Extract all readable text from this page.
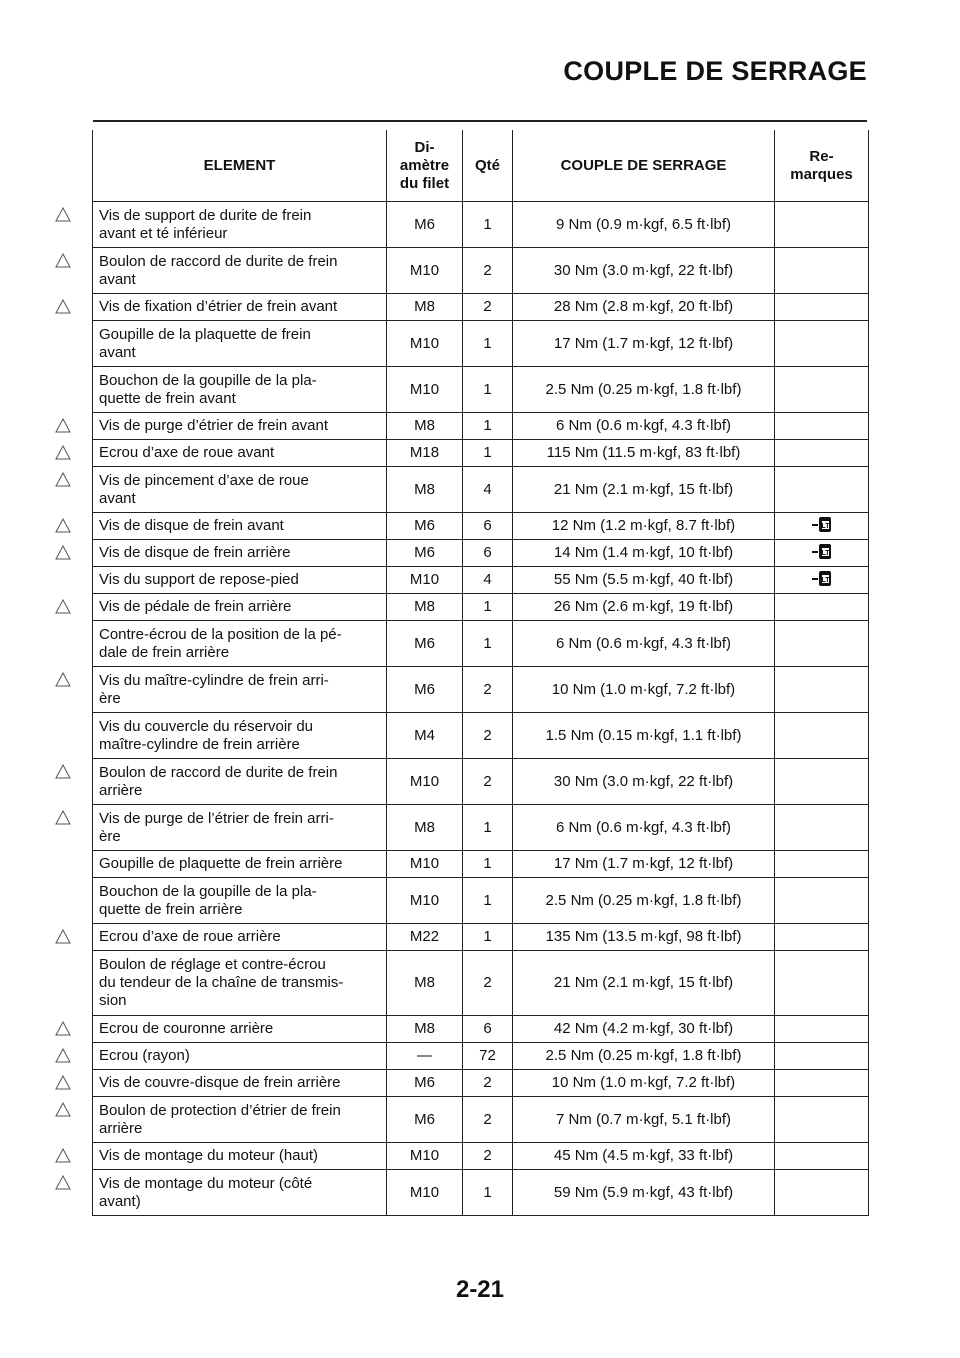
COUPLE DE SERRAGE
ELEMENT	Di-
amètre
du filet	Qté	COUPLE DE SERRAGE	Re-
marques
Vis de support de durite de frein
avant et té inférieur	M6	1	9 Nm (0.9 m·kgf, 6.5 ft·lbf)	
Boulon de raccord de durite de frein
avant	M10	2	30 Nm (3.0 m·kgf, 22 ft·lbf)	
Vis de fixation d’étrier de frein avant	M8	2	28 Nm (2.8 m·kgf, 20 ft·lbf)	
Goupille de la plaquette de frein
avant	M10	1	17 Nm (1.7 m·kgf, 12 ft·lbf)	
Bouchon de la goupille de la pla-
quette de frein avant	M10	1	2.5 Nm (0.25 m·kgf, 1.8 ft·lbf)	
Vis de purge d’étrier de frein avant	M8	1	6 Nm (0.6 m·kgf, 4.3 ft·lbf)	
Ecrou d’axe de roue avant	M18	1	115 Nm (11.5 m·kgf, 83 ft·lbf)	
Vis de pincement d’axe de roue
avant	M8	4	21 Nm (2.1 m·kgf, 15 ft·lbf)	
Vis de disque de frein avant	M6	6	12 Nm (1.2 m·kgf, 8.7 ft·lbf)	LT

Vis de disque de frein arrière	M6	6	14 Nm (1.4 m·kgf, 10 ft·lbf)	LT

Vis du support de repose-pied	M10	4	55 Nm (5.5 m·kgf, 40 ft·lbf)	LT

Vis de pédale de frein arrière	M8	1	26 Nm (2.6 m·kgf, 19 ft·lbf)	
Contre-écrou de la position de la pé-
dale de frein arrière	M6	1	6 Nm (0.6 m·kgf, 4.3 ft·lbf)	
Vis du maître-cylindre de frein arri-
ère	M6	2	10 Nm (1.0 m·kgf, 7.2 ft·lbf)	
Vis du couvercle du réservoir du
maître-cylindre de frein arrière	M4	2	1.5 Nm (0.15 m·kgf, 1.1 ft·lbf)	
Boulon de raccord de durite de frein
arrière	M10	2	30 Nm (3.0 m·kgf, 22 ft·lbf)	
Vis de purge de l’étrier de frein arri-
ère	M8	1	6 Nm (0.6 m·kgf, 4.3 ft·lbf)	
Goupille de plaquette de frein arrière	M10	1	17 Nm (1.7 m·kgf, 12 ft·lbf)	
Bouchon de la goupille de la pla-
quette de frein arrière	M10	1	2.5 Nm (0.25 m·kgf, 1.8 ft·lbf)	
Ecrou d’axe de roue arrière	M22	1	135 Nm (13.5 m·kgf, 98 ft·lbf)	
Boulon de réglage et contre-écrou
du tendeur de la chaîne de transmis-
sion	M8	2	21 Nm (2.1 m·kgf, 15 ft·lbf)	
Ecrou de couronne arrière	M8	6	42 Nm (4.2 m·kgf, 30 ft·lbf)	
Ecrou (rayon)	—	72	2.5 Nm (0.25 m·kgf, 1.8 ft·lbf)	
Vis de couvre-disque de frein arrière	M6	2	10 Nm (1.0 m·kgf, 7.2 ft·lbf)	
Boulon de protection d’étrier de frein
arrière	M6	2	7 Nm (0.7 m·kgf, 5.1 ft·lbf)	
Vis de montage du moteur (haut)	M10	2	45 Nm (4.5 m·kgf, 33 ft·lbf)	
Vis de montage du moteur (côté
avant)	M10	1	59 Nm (5.9 m·kgf, 43 ft·lbf)	
2-21
